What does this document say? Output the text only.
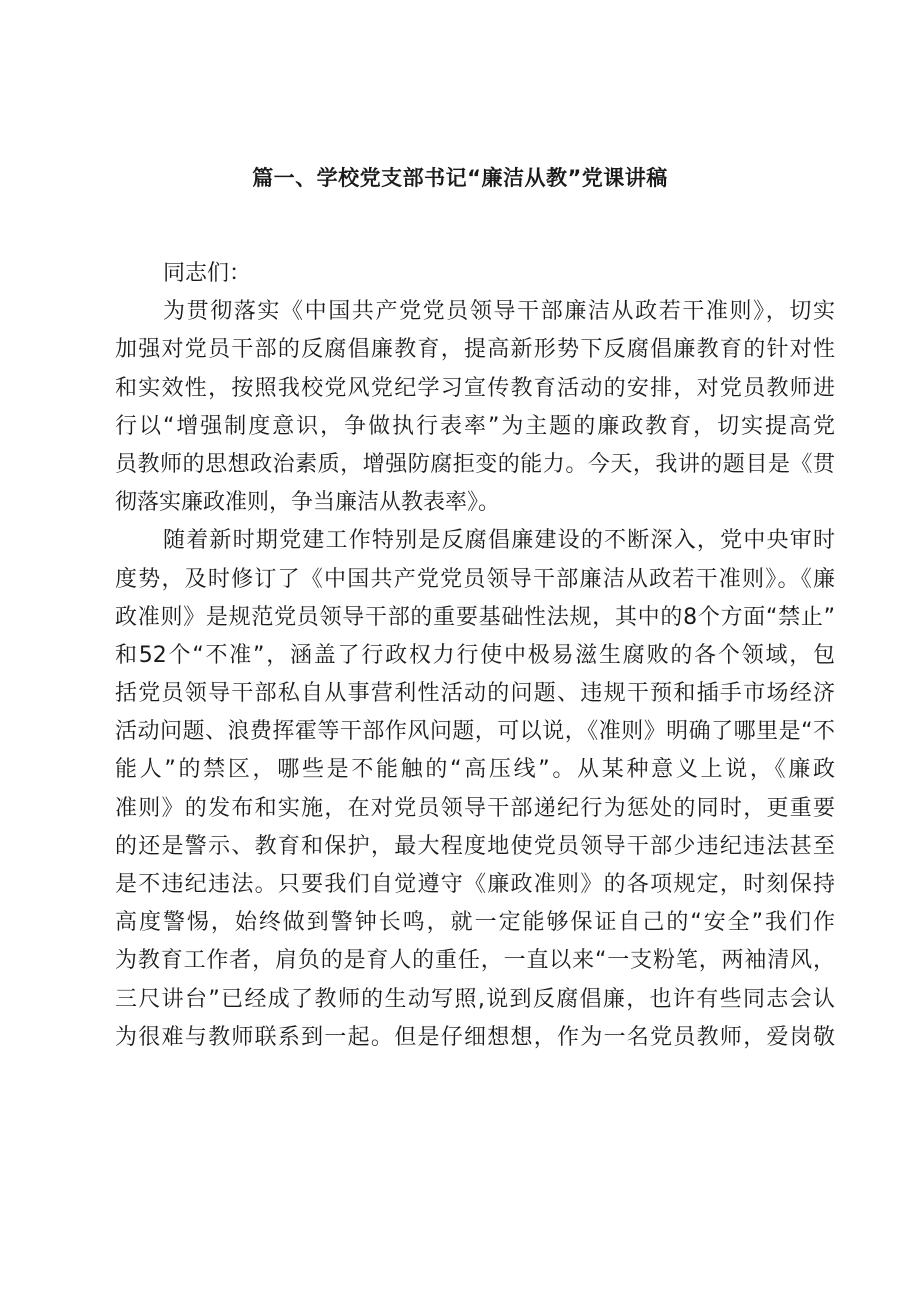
篇一、学校党支部书记“廉洁从教”党课讲稿
同志们：
为贯彻落实《中国共产党党员领导干部廉洁从政若干准则》，切实
加强对党员干部的反腐倡廉教育，提高新形势下反腐倡廉教育的针对性
和实效性，按照我校党风党纪学习宣传教育活动的安排，对党员教师进
行以“增强制度意识，争做执行表率”为主题的廉政教育，切实提高党
员教师的思想政治素质，增强防腐拒变的能力。今天，我讲的题目是《贯
彻落实廉政准则，争当廉洁从教表率》。
随着新时期党建工作特别是反腐倡廉建设的不断深入，党中央审时
度势，及时修订了《中国共产党党员领导干部廉洁从政若干准则》。《廉
政准则》是规范党员领导干部的重要基础性法规，其中的8个方面“禁止”
和52个“不准”，涵盖了行政权力行使中极易滋生腐败的各个领域，包
括党员领导干部私自从事营利性活动的问题、违规干预和插手市场经济
活动问题、浪费挥霍等干部作风问题，可以说，《准则》明确了哪里是“不
能人”的禁区，哪些是不能触的“高压线”。从某种意义上说，《廉政
准则》的发布和实施，在对党员领导干部递纪行为惩处的同时，更重要
的还是警示、教育和保护，最大程度地使党员领导干部少违纪违法甚至
是不违纪违法。只要我们自觉遵守《廉政准则》的各项规定，时刻保持
高度警惕，始终做到警钟长鸣，就一定能够保证自己的“安全”我们作
为教育工作者，肩负的是育人的重任，一直以来“一支粉笔，两袖清风，
三尺讲台”已经成了教师的生动写照,说到反腐倡廉，也许有些同志会认
为很难与教师联系到一起。但是仔细想想，作为一名党员教师，爱岗敬
